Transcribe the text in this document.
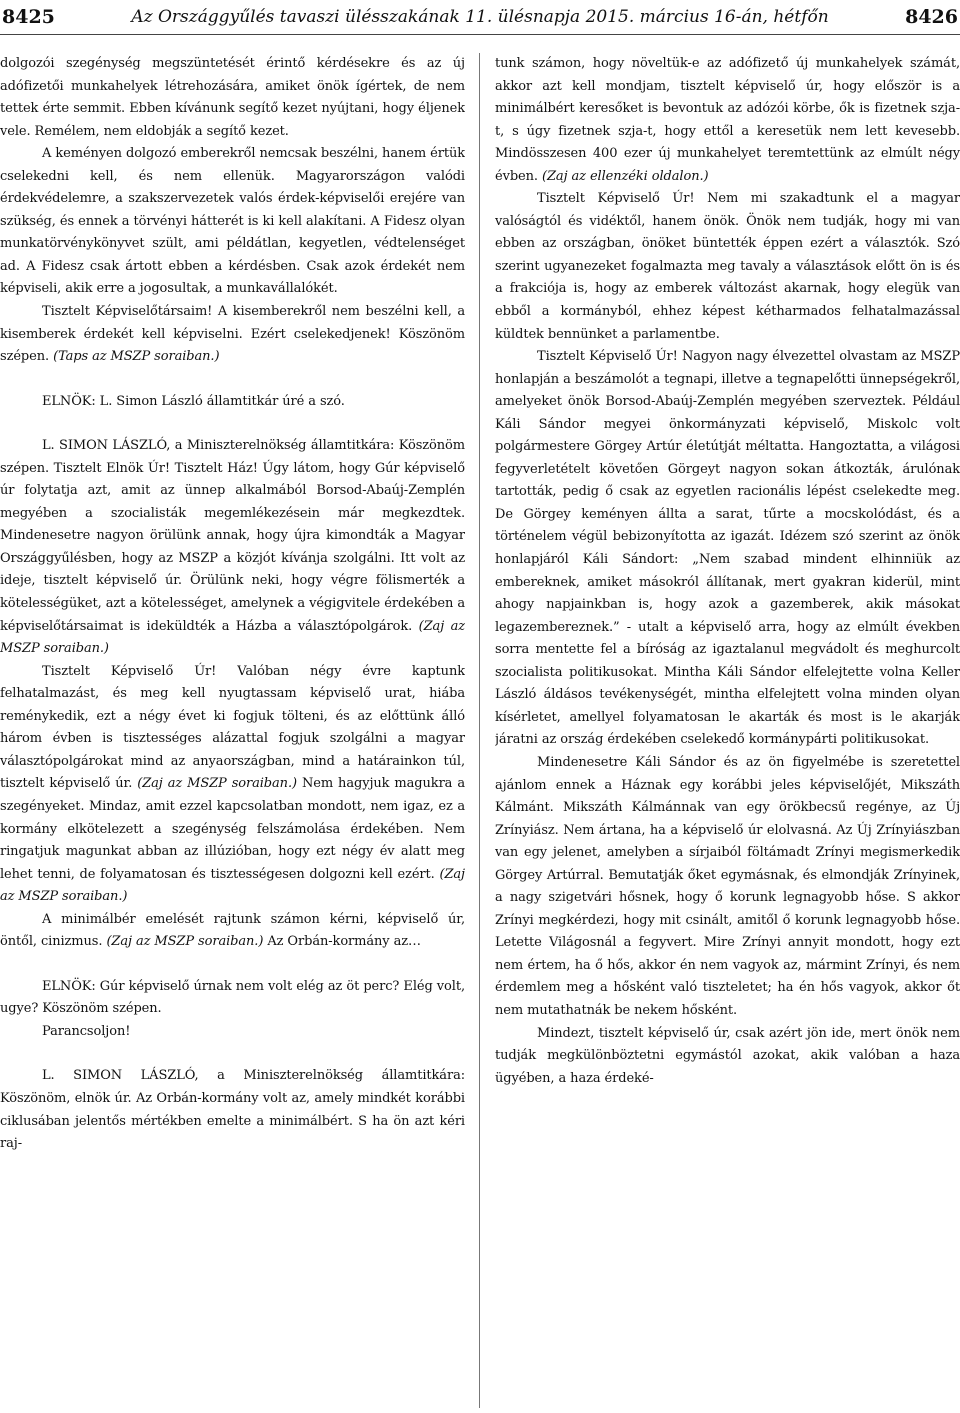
8425	Az Országgyűlés tavaszi ülésszakának 11. ülésnapja 2015. március 16-án, hétfőn	8426

dolgozói szegénység megszüntetését érintő kérdésekre és az új adófizetői munkahelyek létrehozására, amiket önök ígértek, de nem tettek érte semmit. Ebben kívánunk segítő kezet nyújtani, hogy éljenek vele. Remélem, nem eldobják a segítő kezet.

A keményen dolgozó emberekről nemcsak beszélni, hanem értük cselekedni kell, és nem ellenük. Magyarországon valódi érdekvédelemre, a szakszervezetek valós érdek-képviselői erejére van szükség, és ennek a törvényi hátterét is ki kell alakítani. A Fidesz olyan munkatörvénykönyvet szült, ami példátlan, kegyetlen, védtelenséget ad. A Fidesz csak ártott ebben a kérdésben. Csak azok érdekét nem képviseli, akik erre a jogosultak, a munkavállalókét.

Tisztelt Képviselőtársaim! A kisemberekről nem beszélni kell, a kisemberek érdekét kell képviselni. Ezért cselekedjenek! Köszönöm szépen. (Taps az MSZP soraiban.)

ELNÖK: L. Simon László államtitkár úré a szó.

L. SIMON LÁSZLÓ, a Miniszterelnökség államtitkára: Köszönöm szépen. Tisztelt Elnök Úr! Tisztelt Ház! Úgy látom, hogy Gúr képviselő úr folytatja azt, amit az ünnep alkalmából Borsod-Abaúj-Zemplén megyében a szocialisták megemlékezésein már megkezdtek. Mindenesetre nagyon örülünk annak, hogy újra kimondták a Magyar Országgyűlésben, hogy az MSZP a közjót kívánja szolgálni. Itt volt az ideje, tisztelt képviselő úr. Örülünk neki, hogy végre fölismerték a kötelességüket, azt a kötelességet, amelynek a végigvitele érdekében a képviselőtársaimat is ideküldték a Házba a választópolgárok. (Zaj az MSZP soraiban.)

Tisztelt Képviselő Úr! Valóban négy évre kaptunk felhatalmazást, és meg kell nyugtassam képviselő urat, hiába reménykedik, ezt a négy évet ki fogjuk tölteni, és az előttünk álló három évben is tisztességes alázattal fogjuk szolgálni a magyar választópolgárokat mind az anyaországban, mind a határainkon túl, tisztelt képviselő úr. (Zaj az MSZP soraiban.) Nem hagyjuk magukra a szegényeket. Mindaz, amit ezzel kapcsolatban mondott, nem igaz, ez a kormány elkötelezett a szegénység felszámolása érdekében. Nem ringatjuk magunkat abban az illúzióban, hogy ezt négy év alatt meg lehet tenni, de folyamatosan és tisztességesen dolgozni kell ezért. (Zaj az MSZP soraiban.)

A minimálbér emelését rajtunk számon kérni, képviselő úr, öntől, cinizmus. (Zaj az MSZP soraiban.) Az Orbán-kormány az…

ELNÖK: Gúr képviselő úrnak nem volt elég az öt perc? Elég volt, ugye? Köszönöm szépen.

Parancsoljon!

L. SIMON LÁSZLÓ, a Miniszterelnökség államtitkára: Köszönöm, elnök úr. Az Orbán-kormány volt az, amely mindkét korábbi ciklusában jelentős mértékben emelte a minimálbért. S ha ön azt kéri raj-

tunk számon, hogy növeltük-e az adófizető új munkahelyek számát, akkor azt kell mondjam, tisztelt képviselő úr, hogy először is a minimálbért keresőket is bevontuk az adózói körbe, ők is fizetnek szja-t, s úgy fizetnek szja-t, hogy ettől a keresetük nem lett kevesebb. Mindösszesen 400 ezer új munkahelyet teremtettünk az elmúlt négy évben. (Zaj az ellenzéki oldalon.)

Tisztelt Képviselő Úr! Nem mi szakadtunk el a magyar valóságtól és vidéktől, hanem önök. Önök nem tudják, hogy mi van ebben az országban, önöket büntették éppen ezért a választók. Szó szerint ugyanezeket fogalmazta meg tavaly a választások előtt ön is és a frakciója is, hogy az emberek változást akarnak, hogy elegük van ebből a kormányból, ehhez képest kétharmados felhatalmazással küldtek bennünket a parlamentbe.

Tisztelt Képviselő Úr! Nagyon nagy élvezettel olvastam az MSZP honlapján a beszámolót a tegnapi, illetve a tegnapelőtti ünnepségekről, amelyeket önök Borsod-Abaúj-Zemplén megyében szerveztek. Például Káli Sándor megyei önkormányzati képviselő, Miskolc volt polgármestere Görgey Artúr életútját méltatta. Hangoztatta, a világosi fegyverletételt követően Görgeyt nagyon sokan átkozták, árulónak tartották, pedig ő csak az egyetlen racionális lépést cselekedte meg. De Görgey keményen állta a sarat, tűrte a mocskolódást, és a történelem végül bebizonyította az igazát. Idézem szó szerint az önök honlapjáról Káli Sándort: „Nem szabad mindent elhinniük az embereknek, amiket másokról állítanak, mert gyakran kiderül, mint ahogy napjainkban is, hogy azok a gazemberek, akik másokat legazembereznek.” - utalt a képviselő arra, hogy az elmúlt években sorra mentette fel a bíróság az igaztalanul megvádolt és meghurcolt szocialista politikusokat. Mintha Káli Sándor elfelejtette volna Keller László áldásos tevékenységét, mintha elfelejtett volna minden olyan kísérletet, amellyel folyamatosan le akarták és most is le akarják járatni az ország érdekében cselekedő kormánypárti politikusokat.

Mindenesetre Káli Sándor és az ön figyelmébe is szeretettel ajánlom ennek a Háznak egy korábbi jeles képviselőjét, Mikszáth Kálmánt. Mikszáth Kálmánnak van egy örökbecsű regénye, az Új Zrínyiász. Nem ártana, ha a képviselő úr elolvasná. Az Új Zrínyiászban van egy jelenet, amelyben a sírjaiból föltámadt Zrínyi megismerkedik Görgey Artúrral. Bemutatják őket egymásnak, és elmondják Zrínyinek, a nagy szigetvári hősnek, hogy ő korunk legnagyobb hőse. S akkor Zrínyi megkérdezi, hogy mit csinált, amitől ő korunk legnagyobb hőse. Letette Világosnál a fegyvert. Mire Zrínyi annyit mondott, hogy ezt nem értem, ha ő hős, akkor én nem vagyok az, mármint Zrínyi, és nem érdemlem meg a hősként való tiszteletet; ha én hős vagyok, akkor őt nem mutathatnák be nekem hősként.

Mindezt, tisztelt képviselő úr, csak azért jön ide, mert önök nem tudják megkülönböztetni egymástól azokat, akik valóban a haza ügyében, a haza érdeké-
